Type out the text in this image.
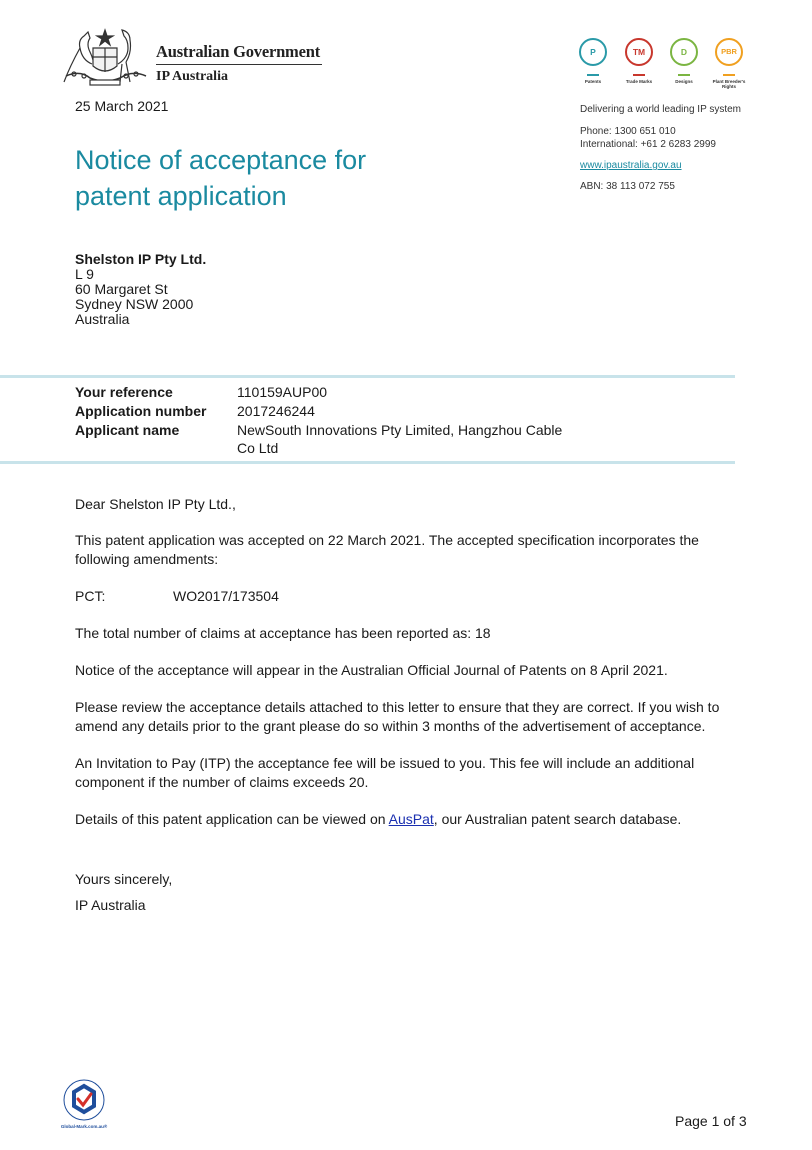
Australian Government
IP Australia
25 March 2021
Notice of acceptance for patent application
P
Patents
TM
Trade Marks
D
Designs
PBR
Plant Breeder's Rights
Delivering a world leading IP system
Phone: 1300 651 010
International: +61 2 6283 2999
www.ipaustralia.gov.au
ABN: 38 113 072 755
Shelston IP Pty Ltd.
L 9
60 Margaret St
Sydney NSW 2000
Australia
Your reference	110159AUP00
Application number 2017246244
Applicant name	NewSouth Innovations Pty Limited, Hangzhou Cable Co Ltd
Dear Shelston IP Pty Ltd.,
This patent application was accepted on 22 March 2021. The accepted specification incorporates the following amendments:
PCT:	WO2017/173504
The total number of claims at acceptance has been reported as: 18
Notice of the acceptance will appear in the Australian Official Journal of Patents on 8 April 2021.
Please review the acceptance details attached to this letter to ensure that they are correct. If you wish to amend any details prior to the grant please do so within 3 months of the advertisement of acceptance.
An Invitation to Pay (ITP) the acceptance fee will be issued to you. This fee will include an additional component if the number of claims exceeds 20.
Details of this patent application can be viewed on AusPat, our Australian patent search database.
Yours sincerely,
IP Australia
Global-Mark.com.au®	Page 1 of 3
